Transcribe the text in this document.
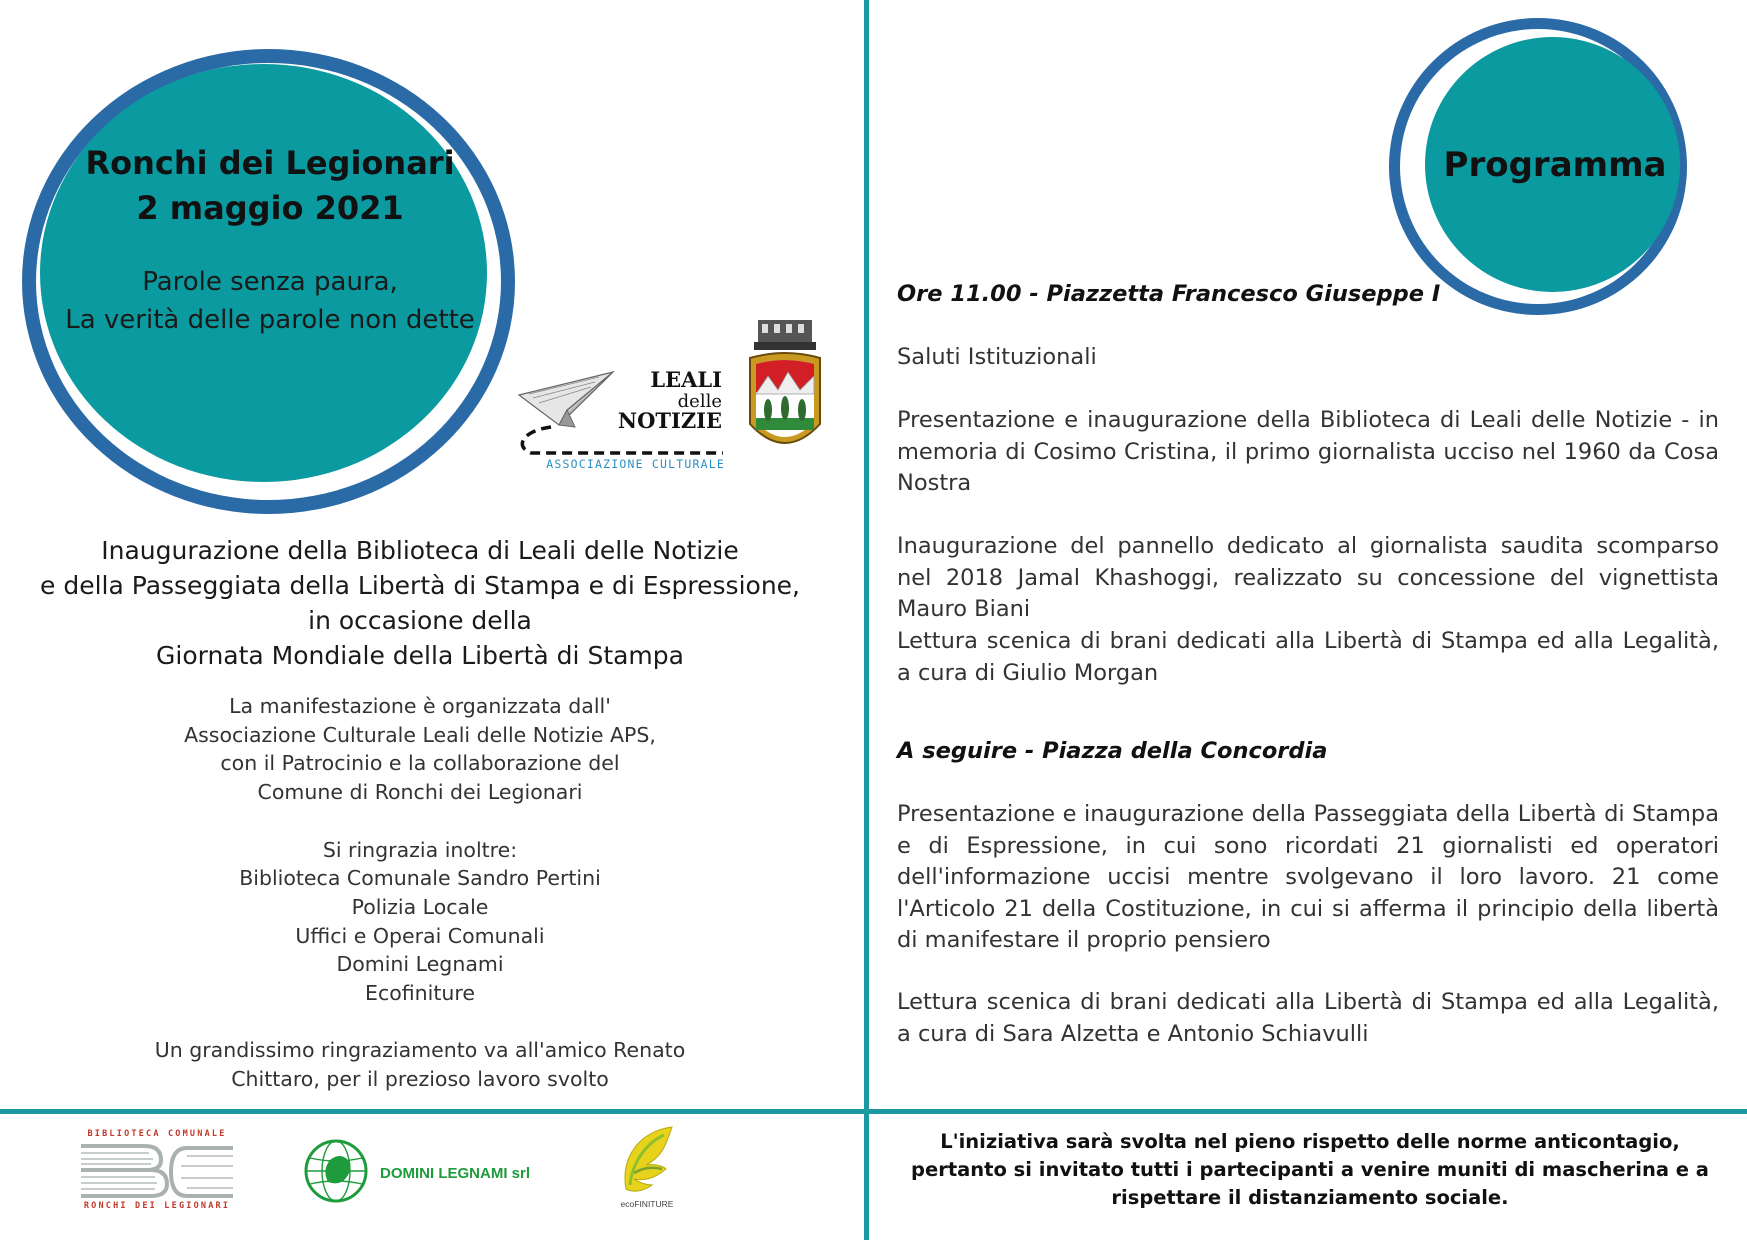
Ronchi dei Legionari
2 maggio 2021
Parole senza paura,
La verità delle parole non dette
LEALI
delle
NOTIZIE
ASSOCIAZIONE CULTURALE
Inaugurazione della Biblioteca di Leali delle Notizie
e della Passeggiata della Libertà di Stampa e di Espressione,
in occasione della
Giornata Mondiale della Libertà di Stampa
La manifestazione è organizzata dall'
Associazione Culturale Leali delle Notizie APS,
con il Patrocinio e la collaborazione del
Comune di Ronchi dei Legionari
Si ringrazia inoltre:
Biblioteca Comunale Sandro Pertini
Polizia Locale
Uffici e Operai Comunali
Domini Legnami
Ecofiniture
Un grandissimo ringraziamento va all'amico Renato
Chittaro, per il prezioso lavoro svolto
Programma
Ore 11.00 - Piazzetta Francesco Giuseppe I
Saluti Istituzionali
Presentazione e inaugurazione della Biblioteca di Leali delle Notizie - in memoria di Cosimo Cristina, il primo giornalista ucciso nel 1960 da Cosa Nostra
Inaugurazione del pannello dedicato al giornalista saudita scomparso nel 2018 Jamal Khashoggi, realizzato su concessione del vignettista Mauro Biani
Lettura scenica di brani dedicati alla Libertà di Stampa ed alla Legalità, a cura di Giulio Morgan
A seguire - Piazza della Concordia
Presentazione e inaugurazione della Passeggiata della Libertà di Stampa e di Espressione, in cui sono ricordati 21 giornalisti ed operatori dell'informazione uccisi mentre svolgevano il loro lavoro. 21 come l'Articolo 21 della Costituzione, in cui si afferma il principio della libertà di manifestare il proprio pensiero
Lettura scenica di brani dedicati alla Libertà di Stampa ed alla Legalità, a cura di Sara Alzetta e Antonio Schiavulli
BIBLIOTECA COMUNALE
RONCHI DEI LEGIONARI
DOMINI LEGNAMI srl
ecoFINITURE
L'iniziativa sarà svolta nel pieno rispetto delle norme anticontagio,
pertanto si invitato tutti i partecipanti a venire muniti di mascherina e a
rispettare il distanziamento sociale.
